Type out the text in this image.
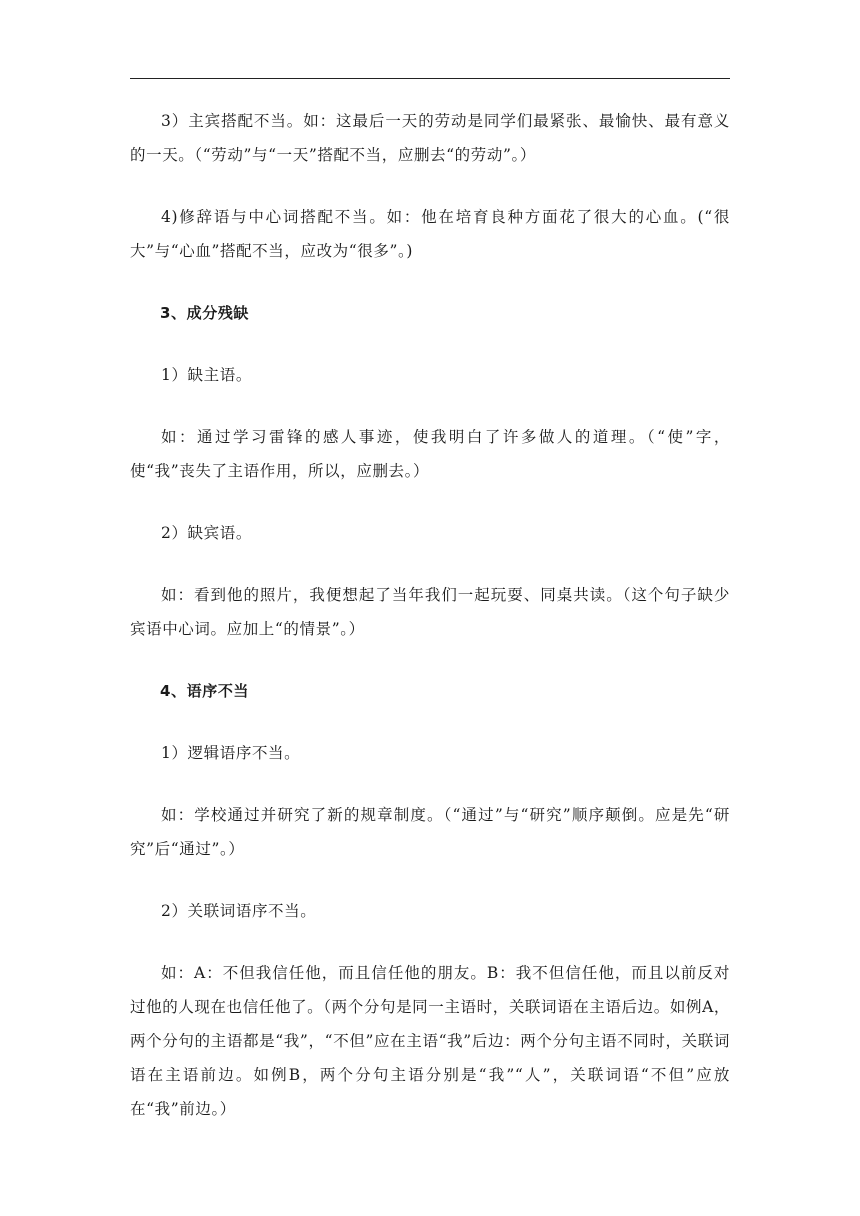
3）主宾搭配不当。如：这最后一天的劳动是同学们最紧张、最愉快、最有意义的一天。（“劳动”与“一天”搭配不当，应删去“的劳动”。）

4)修辞语与中心词搭配不当。如：他在培育良种方面花了很大的心血。(“很大”与“心血”搭配不当，应改为“很多”。)

3、成分残缺

1）缺主语。

如：通过学习雷锋的感人事迹，使我明白了许多做人的道理。（“使”字，使“我”丧失了主语作用，所以，应删去。）

2）缺宾语。

如：看到他的照片，我便想起了当年我们一起玩耍、同桌共读。（这个句子缺少宾语中心词。应加上“的情景”。）

4、语序不当

1）逻辑语序不当。

如：学校通过并研究了新的规章制度。（“通过”与“研究”顺序颠倒。应是先“研究”后“通过”。）

2）关联词语序不当。

如：A：不但我信任他，而且信任他的朋友。B：我不但信任他，而且以前反对过他的人现在也信任他了。（两个分句是同一主语时，关联词语在主语后边。如例A，两个分句的主语都是“我”，“不但”应在主语“我”后边：两个分句主语不同时，关联词语在主语前边。如例B，两个分句主语分别是“我”“人”，关联词语“不但”应放在“我”前边。）
